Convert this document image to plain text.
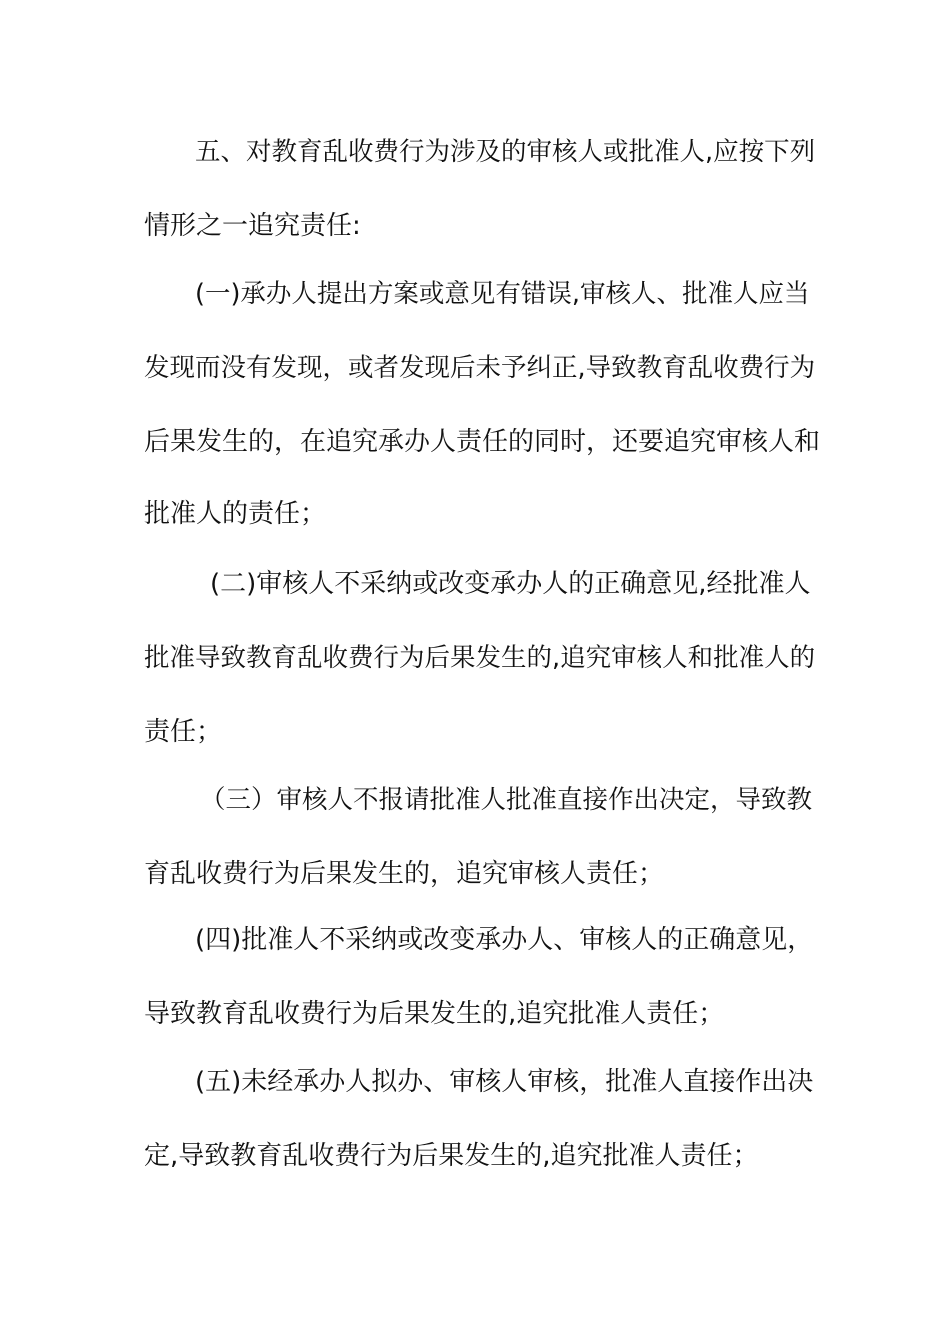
五、对教育乱收费行为涉及的审核人或批准人,应按下列
情形之一追究责任:
(一)承办人提出方案或意见有错误,审核人、批准人应当
发现而没有发现，或者发现后未予纠正,导致教育乱收费行为
后果发生的，在追究承办人责任的同时，还要追究审核人和
批准人的责任；
(二)审核人不采纳或改变承办人的正确意见,经批准人
批准导致教育乱收费行为后果发生的,追究审核人和批准人的
责任；
（三）审核人不报请批准人批准直接作出决定，导致教
育乱收费行为后果发生的，追究审核人责任；
(四)批准人不采纳或改变承办人、审核人的正确意见，
导致教育乱收费行为后果发生的,追究批准人责任；
(五)未经承办人拟办、审核人审核，批准人直接作出决
定,导致教育乱收费行为后果发生的,追究批准人责任；
